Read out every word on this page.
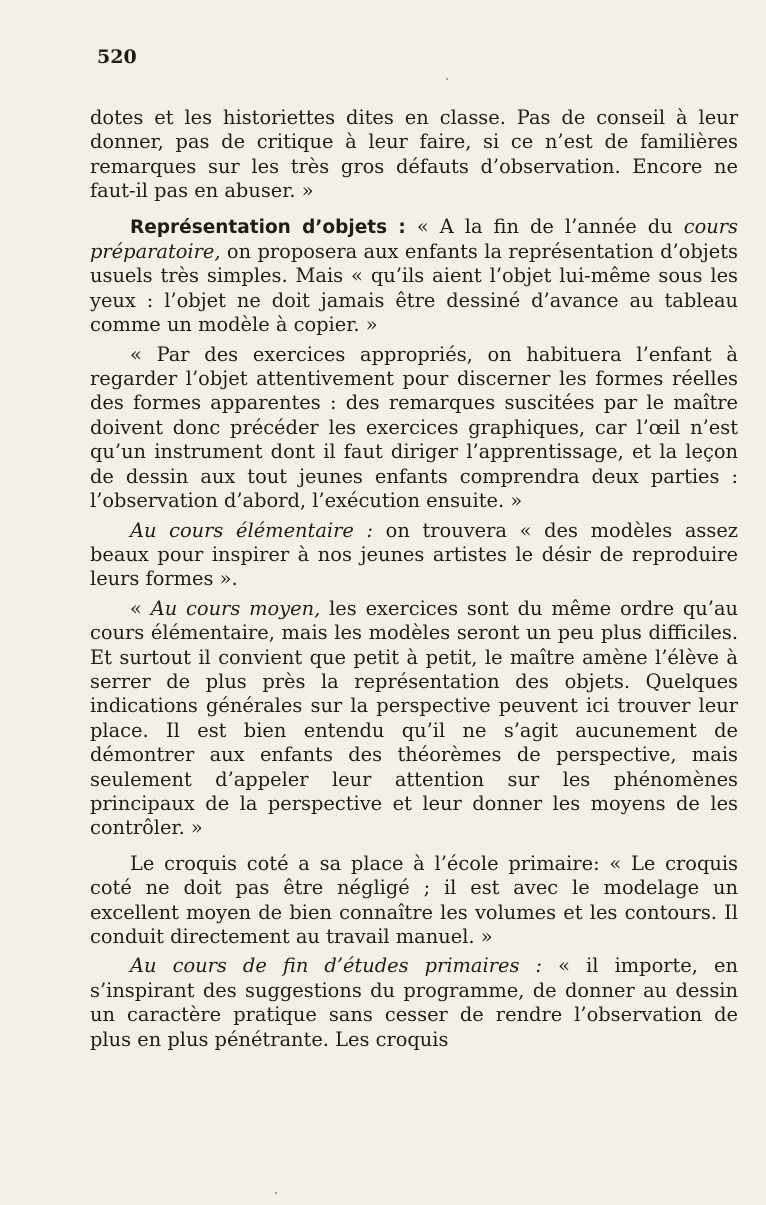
520

dotes et les historiettes dites en classe. Pas de conseil à leur donner, pas de critique à leur faire, si ce n’est de familières remarques sur les très gros défauts d’observation. Encore ne faut-il pas en abuser. »

Représentation d’objets : « A la fin de l’année du cours préparatoire, on proposera aux enfants la représentation d’objets usuels très simples. Mais « qu’ils aient l’objet lui-même sous les yeux : l’objet ne doit jamais être dessiné d’avance au tableau comme un modèle à copier. »

« Par des exercices appropriés, on habituera l’enfant à regarder l’objet attentivement pour discerner les formes réelles des formes apparentes : des remarques suscitées par le maître doivent donc précéder les exercices graphiques, car l’œil n’est qu’un instrument dont il faut diriger l’apprentissage, et la leçon de dessin aux tout jeunes enfants comprendra deux parties : l’observation d’abord, l’exécution ensuite. »

Au cours élémentaire : on trouvera « des modèles assez beaux pour inspirer à nos jeunes artistes le désir de reproduire leurs formes ».

« Au cours moyen, les exercices sont du même ordre qu’au cours élémentaire, mais les modèles seront un peu plus difficiles. Et surtout il convient que petit à petit, le maître amène l’élève à serrer de plus près la représentation des objets. Quelques indications générales sur la perspective peuvent ici trouver leur place. Il est bien entendu qu’il ne s’agit aucunement de démontrer aux enfants des théorèmes de perspective, mais seulement d’appeler leur attention sur les phénomènes principaux de la perspective et leur donner les moyens de les contrôler. »

Le croquis coté a sa place à l’école primaire: « Le croquis coté ne doit pas être négligé ; il est avec le modelage un excellent moyen de bien connaître les volumes et les contours. Il conduit directement au travail manuel. »

Au cours de fin d’études primaires : « il importe, en s’inspirant des suggestions du programme, de donner au dessin un caractère pratique sans cesser de rendre l’observation de plus en plus pénétrante. Les croquis
